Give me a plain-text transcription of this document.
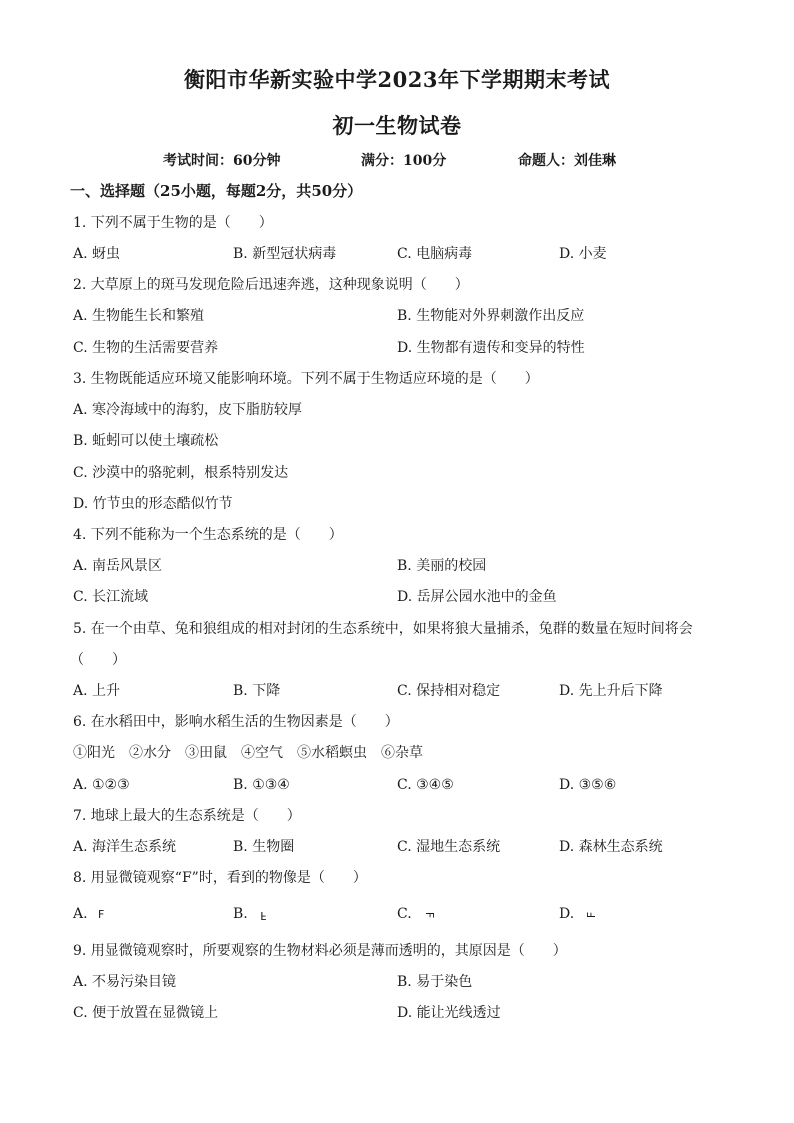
衡阳市华新实验中学2023年下学期期末考试
初一生物试卷
考试时间：60分钟	满分：100分	命题人：刘佳琳
一、选择题（25小题，每题2分，共50分）
1. 下列不属于生物的是（　　）
A. 蚜虫	B. 新型冠状病毒	C. 电脑病毒	D. 小麦
2. 大草原上的斑马发现危险后迅速奔逃，这种现象说明（　　）
A. 生物能生长和繁殖	B. 生物能对外界刺激作出反应
C. 生物的生活需要营养	D. 生物都有遗传和变异的特性
3. 生物既能适应环境又能影响环境。下列不属于生物适应环境的是（　　）
A. 寒冷海域中的海豹，皮下脂肪较厚
B. 蚯蚓可以使土壤疏松
C. 沙漠中的骆驼刺，根系特别发达
D. 竹节虫的形态酷似竹节
4. 下列不能称为一个生态系统的是（　　）
A. 南岳风景区	B. 美丽的校园
C. 长江流域	D. 岳屏公园水池中的金鱼
5. 在一个由草、兔和狼组成的相对封闭的生态系统中，如果将狼大量捕杀，兔群的数量在短时间将会
（　　）
A. 上升	B. 下降	C. 保持相对稳定	D. 先上升后下降
6. 在水稻田中，影响水稻生活的生物因素是（　　）
①阳光　②水分　③田鼠　④空气　⑤水稻螟虫　⑥杂草
A. ①②③	B. ①③④	C. ③④⑤	D. ③⑤⑥
7. 地球上最大的生态系统是（　　）
A. 海洋生态系统	B. 生物圈	C. 湿地生态系统	D. 森林生态系统
8. 用显微镜观察“F”时，看到的物像是（　　）
A. F	B. F	C. F	D. F
9. 用显微镜观察时，所要观察的生物材料必须是薄而透明的，其原因是（　　）
A. 不易污染目镜	B. 易于染色
C. 便于放置在显微镜上	D. 能让光线透过
